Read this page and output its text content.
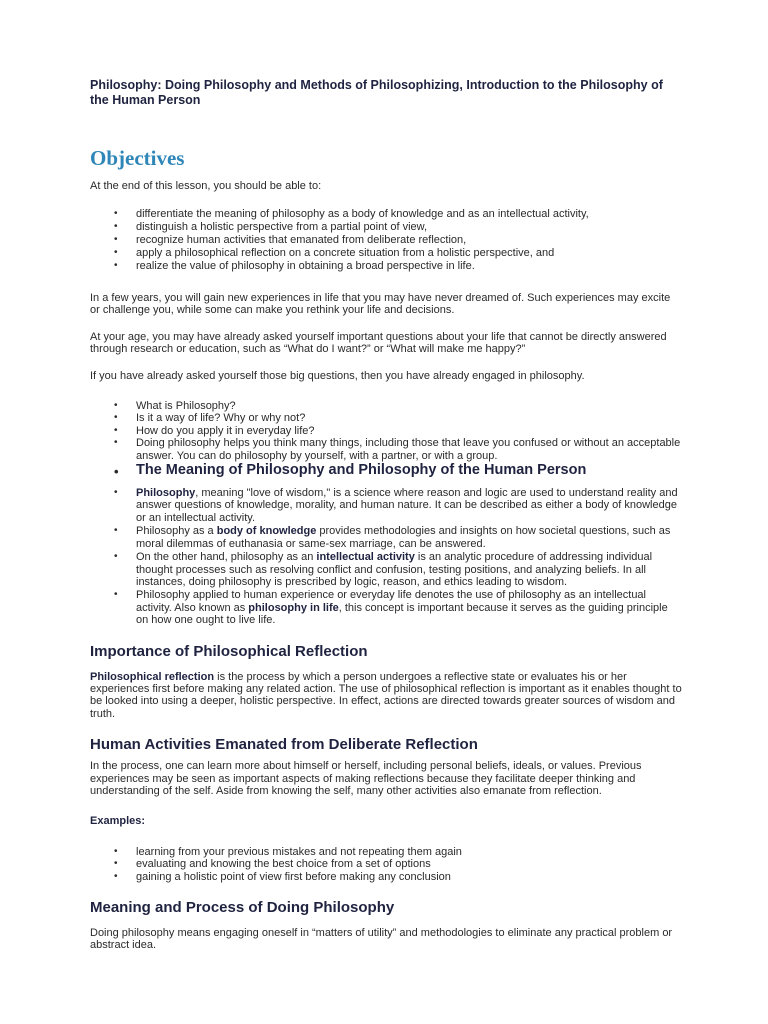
Philosophy: Doing Philosophy and Methods of Philosophizing, Introduction to the Philosophy of the Human Person
Objectives

At the end of this lesson, you should be able to:

• differentiate the meaning of philosophy as a body of knowledge and as an intellectual activity,
• distinguish a holistic perspective from a partial point of view,
• recognize human activities that emanated from deliberate reflection,
• apply a philosophical reflection on a concrete situation from a holistic perspective, and
• realize the value of philosophy in obtaining a broad perspective in life.

In a few years, you will gain new experiences in life that you may have never dreamed of. Such experiences may excite or challenge you, while some can make you rethink your life and decisions.

At your age, you may have already asked yourself important questions about your life that cannot be directly answered through research or education, such as “What do I want?” or “What will make me happy?”

If you have already asked yourself those big questions, then you have already engaged in philosophy.

• What is Philosophy?
• Is it a way of life? Why or why not?
• How do you apply it in everyday life?
• Doing philosophy helps you think many things, including those that leave you confused or without an acceptable answer. You can do philosophy by yourself, with a partner, or with a group.
• The Meaning of Philosophy and Philosophy of the Human Person
• Philosophy, meaning "love of wisdom," is a science where reason and logic are used to understand reality and answer questions of knowledge, morality, and human nature. It can be described as either a body of knowledge or an intellectual activity.
• Philosophy as a body of knowledge provides methodologies and insights on how societal questions, such as moral dilemmas of euthanasia or same-sex marriage, can be answered.
• On the other hand, philosophy as an intellectual activity is an analytic procedure of addressing individual thought processes such as resolving conflict and confusion, testing positions, and analyzing beliefs. In all instances, doing philosophy is prescribed by logic, reason, and ethics leading to wisdom.
• Philosophy applied to human experience or everyday life denotes the use of philosophy as an intellectual activity. Also known as philosophy in life, this concept is important because it serves as the guiding principle on how one ought to live life.
Importance of Philosophical Reflection

Philosophical reflection is the process by which a person undergoes a reflective state or evaluates his or her experiences first before making any related action. The use of philosophical reflection is important as it enables thought to be looked into using a deeper, holistic perspective. In effect, actions are directed towards greater sources of wisdom and truth.

Human Activities Emanated from Deliberate Reflection

In the process, one can learn more about himself or herself, including personal beliefs, ideals, or values. Previous experiences may be seen as important aspects of making reflections because they facilitate deeper thinking and understanding of the self. Aside from knowing the self, many other activities also emanate from reflection.

Examples:

• learning from your previous mistakes and not repeating them again
• evaluating and knowing the best choice from a set of options
• gaining a holistic point of view first before making any conclusion
Meaning and Process of Doing Philosophy

Doing philosophy means engaging oneself in “matters of utility” and methodologies to eliminate any practical problem or abstract idea.
